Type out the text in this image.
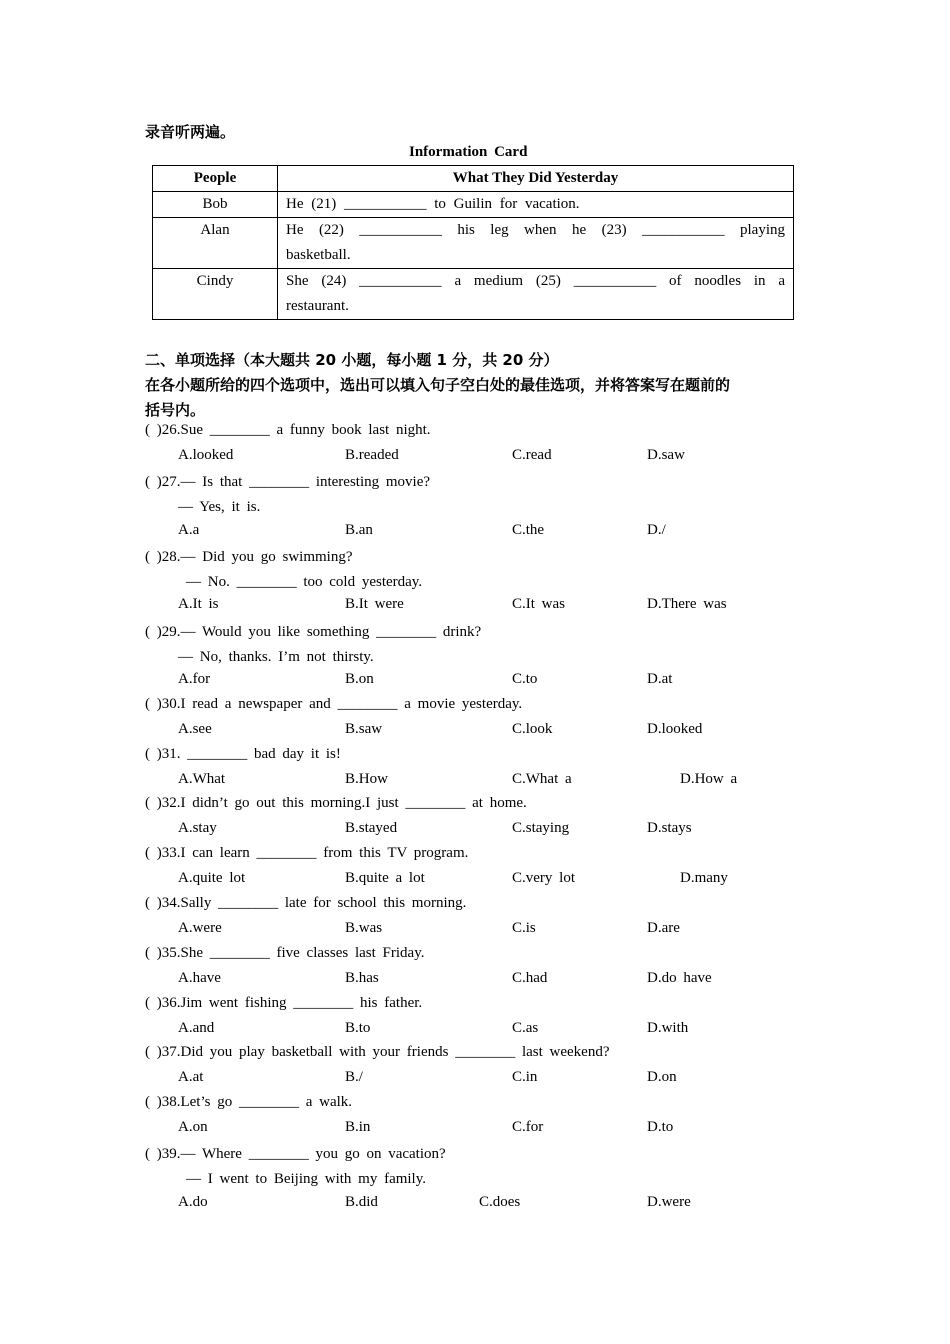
录音听两遍。
Information Card
People	What They Did Yesterday
Bob	He (21) ___________ to Guilin for vacation.
Alan	He (22) ___________ his leg when he (23) ___________ playing basketball.
Cindy	She (24) ___________ a medium (25) ___________ of noodles in a restaurant.
二、单项选择（本大题共 20 小题，每小题 1 分，共 20 分）
在各小题所给的四个选项中，选出可以填入句子空白处的最佳选项，并将答案写在题前的
括号内。
( )26.Sue ________ a funny book last night.
A.looked	B.readed	C.read	D.saw
( )27.— Is that ________ interesting movie?
— Yes, it is.
A.a	B.an	C.the	D./
( )28.— Did you go swimming?
— No. ________ too cold yesterday.
A.It is	B.It were	C.It was	D.There was
( )29.— Would you like something ________ drink?
— No, thanks. I’m not thirsty.
A.for	B.on	C.to	D.at
( )30.I read a newspaper and ________ a movie yesterday.
A.see	B.saw	C.look	D.looked
( )31. ________ bad day it is!
A.What	B.How	C.What a	D.How a
( )32.I didn’t go out this morning.I just ________ at home.
A.stay	B.stayed	C.staying	D.stays
( )33.I can learn ________ from this TV program.
A.quite lot	B.quite a lot	C.very lot	D.many
( )34.Sally ________ late for school this morning.
A.were	B.was	C.is	D.are
( )35.She ________ five classes last Friday.
A.have	B.has	C.had	D.do have
( )36.Jim went fishing ________ his father.
A.and	B.to	C.as	D.with
( )37.Did you play basketball with your friends ________ last weekend?
A.at	B./	C.in	D.on
( )38.Let’s go ________ a walk.
A.on	B.in	C.for	D.to
( )39.— Where ________ you go on vacation?
— I went to Beijing with my family.
A.do	B.did	C.does	D.were
